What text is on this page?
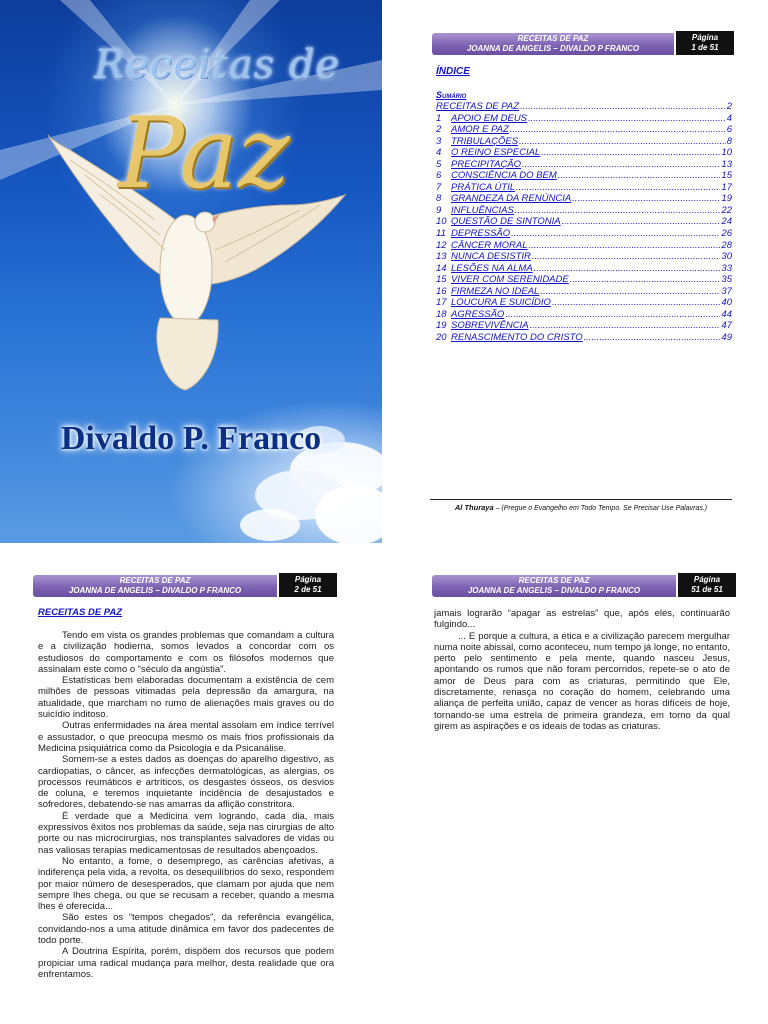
Receitas de
Paz
Divaldo P. Franco
RECEITAS DE PAZ
JOANNA DE ANGELIS – DIVALDO P FRANCO
Página
1 de 51
ÍNDICE
Sumário
RECEITAS DE PAZ .....	2
1	APOIO EM DEUS .....	4
2	AMOR E PAZ .....	6
3	TRIBULAÇÕES .....	8
4	O REINO ESPECIAL .....	10
5	PRECIPITAÇÃO .....	13
6	CONSCIÊNCIA DO BEM .....	15
7	PRÁTICA ÚTIL .....	17
8	GRANDEZA DA RENÚNCIA .....	19
9	INFLUÊNCIAS .....	22
10 QUESTÃO DE SINTONIA .....	24
11 DEPRESSÃO .....	26
12 CÂNCER MORAL .....	28
13 NUNCA DESISTIR .....	30
14 LESÕES NA ALMA .....	33
15 VIVER COM SERENIDADE .....	35
16 FIRMEZA NO IDEAL .....	37
17 LOUCURA E SUICÍDIO .....	40
18 AGRESSÃO .....	44
19 SOBREVIVÊNCIA .....	47
20 RENASCIMENTO DO CRISTO .....	49
Al Thuraya – (Pregue o Evangelho em Todo Tempo. Se Precisar Use Palavras.)
RECEITAS DE PAZ
JOANNA DE ANGELIS – DIVALDO P FRANCO
Página
2 de 51
RECEITAS DE PAZ

Tendo em vista os grandes problemas que comandam a cultura e a civilização hodierna, somos levados a concordar com os estudiosos do comportamento e com os filósofos modernos que assinalam este como o “século da angústia”.

Estatísticas bem elaboradas documentam a existência de cem milhões de pessoas vitimadas pela depressão da amargura, na atualidade, que marcham no rumo de alienações mais graves ou do suicídio inditoso.

Outras enfermidades na área mental assolam em índice terrível e assustador, o que preocupa mesmo os mais frios profissionais da Medicina psiquiátrica como da Psicologia e da Psicanálise.

Somem-se a estes dados as doenças do aparelho digestivo, as cardiopatias, o câncer, as infecções dermatológicas, as alergias, os processos reumáticos e artríticos, os desgastes ósseos, os desvios de coluna, e teremos inquietante incidência de desajustados e sofredores, debatendo-se nas amarras da aflição constritora.

É verdade que a Medicina vem logrando, cada dia, mais expressivos êxitos nos problemas da saúde, seja nas cirurgias de alto porte ou nas microcirurgias, nos transplantes salvadores de vidas ou nas valiosas terapias medicamentosas de resultados abençoados.

No entanto, a fome, o desemprego, as carências afetivas, a indiferença pela vida, a revolta, os desequilíbrios do sexo, respondem por maior número de desesperados, que clamam por ajuda que nem sempre lhes chega, ou que se recusam a receber, quando a mesma lhes é oferecida...

São estes os “tempos chegados”, da referência evangélica, convidando-nos a uma atitude dinâmica em favor dos padecentes de todo porte.

A Doutrina Espírita, porém, dispõem dos recursos que podem propiciar uma radical mudança para melhor, desta realidade que ora enfrentamos.

RECEITAS DE PAZ
JOANNA DE ANGELIS – DIVALDO P FRANCO
Página
51 de 51

jamais lograrão “apagar as estrelas” que, após eles, continuarão fulgindo...

... E porque a cultura, a ética e a civilização parecem mergulhar numa noite abissal, como aconteceu, num tempo já longe, no entanto, perto pelo sentimento e pela mente, quando nasceu Jesus, apontando os rumos que não foram percorridos, repete-se o ato de amor de Deus para com as criaturas, permitindo que Ele, discretamente, renasça no coração do homem, celebrando uma aliança de perfeita união, capaz de vencer as horas difíceis de hoje, tornando-se uma estrela de primeira grandeza, em torno da qual girem as aspirações e os ideais de todas as criaturas.
